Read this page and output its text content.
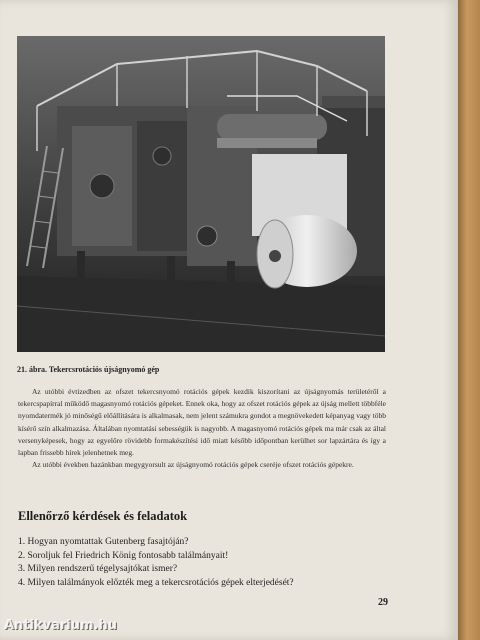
21. ábra. Tekercsrotációs újságnyomó gép

Az utóbbi évtizedben az ofszet tekercsnyomó rotációs gépek kezdik kiszorítani az újságnyomás területéről a tekercspapírral működő magasnyomó rotációs gépeket. Ennek oka, hogy az ofszet rotációs gépek az újság mellett többféle nyomdatermék jó minőségű előállítására is alkalmasak, nem jelent számukra gondot a megnövekedett képanyag vagy több kísérő szín alkalmazása. Általában nyomtatási sebességük is nagyobb. A magasnyomó rotációs gépek ma már csak az által versenyképesek, hogy az egyelőre rövidebb formakészítési idő miatt később időpontban kerülhet sor lapzártára és így a lapban frissebb hírek jelenhetnek meg.

Az utóbbi években hazánkban megygyorsult az újságnyomó rotációs gépek cseréje ofszet rotációs gépekre.

Ellenőrző kérdések és feladatok
1. Hogyan nyomtattak Gutenberg fasajtóján?
2. Soroljuk fel Friedrich König fontosabb találmányait!
3. Milyen rendszerű tégelysajtókat ismer?
4. Milyen találmányok előzték meg a tekercsrotációs gépek elterjedését?
29
Antikvarium.hu
